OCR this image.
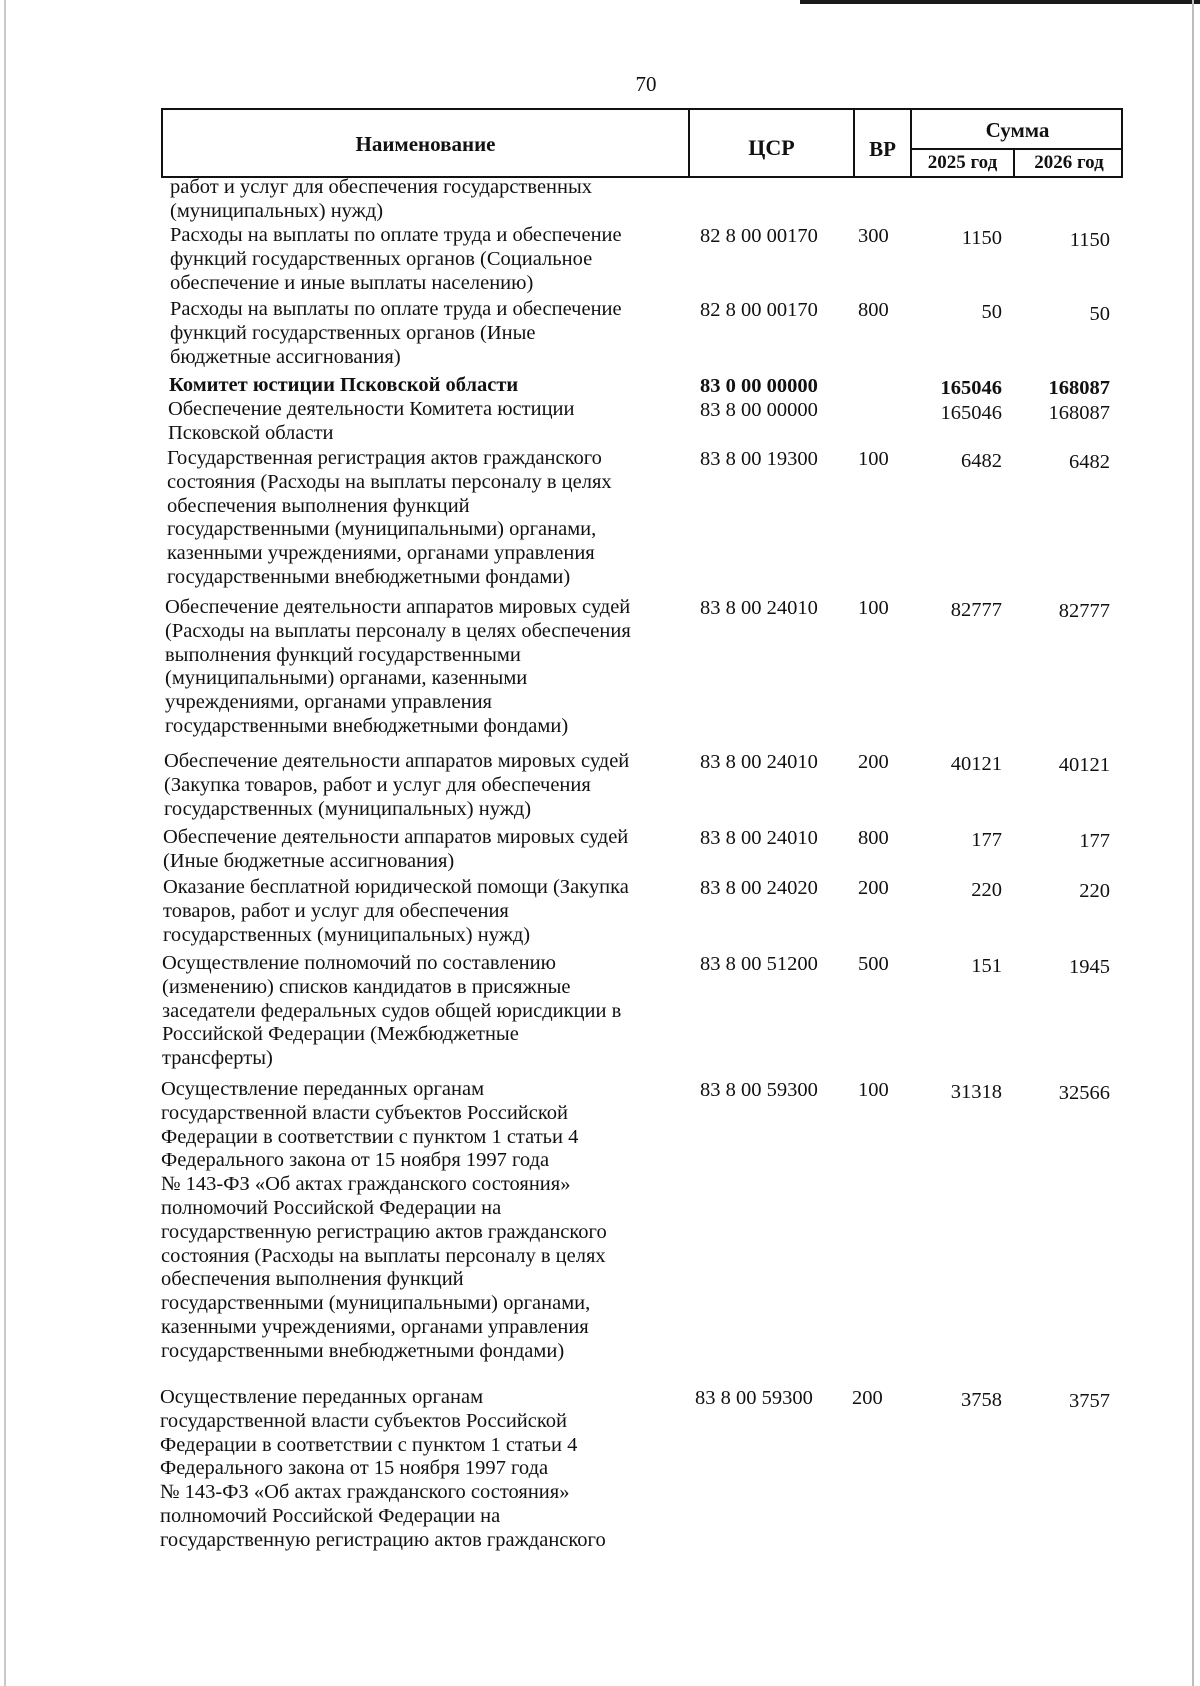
70
Наименование	ЦСР	ВР
Сумма
2025 год	2026 год
работ и услуг для обеспечения государственных
(муниципальных) нужд)
Расходы на выплаты по оплате труда и обеспечение
функций государственных органов (Социальное
обеспечение и иные выплаты населению)
82 8 00 00170	300	1150	1150
Расходы на выплаты по оплате труда и обеспечение
функций государственных органов (Иные
бюджетные ассигнования)
82 8 00 00170	800	50	50
Комитет юстиции Псковской области	83 0 00 00000	165046	168087
Обеспечение деятельности Комитета юстиции
Псковской области
83 8 00 00000	165046	168087
Государственная регистрация актов гражданского
состояния (Расходы на выплаты персоналу в целях
обеспечения выполнения функций
государственными (муниципальными) органами,
казенными учреждениями, органами управления
государственными внебюджетными фондами)
83 8 00 19300	100	6482	6482
Обеспечение деятельности аппаратов мировых судей
(Расходы на выплаты персоналу в целях обеспечения
выполнения функций государственными
(муниципальными) органами, казенными
учреждениями, органами управления
государственными внебюджетными фондами)
83 8 00 24010	100	82777	82777
Обеспечение деятельности аппаратов мировых судей
(Закупка товаров, работ и услуг для обеспечения
государственных (муниципальных) нужд)
83 8 00 24010	200	40121	40121
Обеспечение деятельности аппаратов мировых судей
(Иные бюджетные ассигнования)
83 8 00 24010	800	177	177
Оказание бесплатной юридической помощи (Закупка
товаров, работ и услуг для обеспечения
государственных (муниципальных) нужд)
83 8 00 24020	200	220	220
Осуществление полномочий по составлению
(изменению) списков кандидатов в присяжные
заседатели федеральных судов общей юрисдикции в
Российской Федерации (Межбюджетные
трансферты)
83 8 00 51200	500	151	1945
Осуществление переданных органам
государственной власти субъектов Российской
Федерации в соответствии с пунктом 1 статьи 4
Федерального закона от 15 ноября 1997 года
№ 143-ФЗ «Об актах гражданского состояния»
полномочий Российской Федерации на
государственную регистрацию актов гражданского
состояния (Расходы на выплаты персоналу в целях
обеспечения выполнения функций
государственными (муниципальными) органами,
казенными учреждениями, органами управления
государственными внебюджетными фондами)
83 8 00 59300	100	31318	32566
Осуществление переданных органам
государственной власти субъектов Российской
Федерации в соответствии с пунктом 1 статьи 4
Федерального закона от 15 ноября 1997 года
№ 143-ФЗ «Об актах гражданского состояния»
полномочий Российской Федерации на
государственную регистрацию актов гражданского
83 8 00 59300	200	3758	3757
